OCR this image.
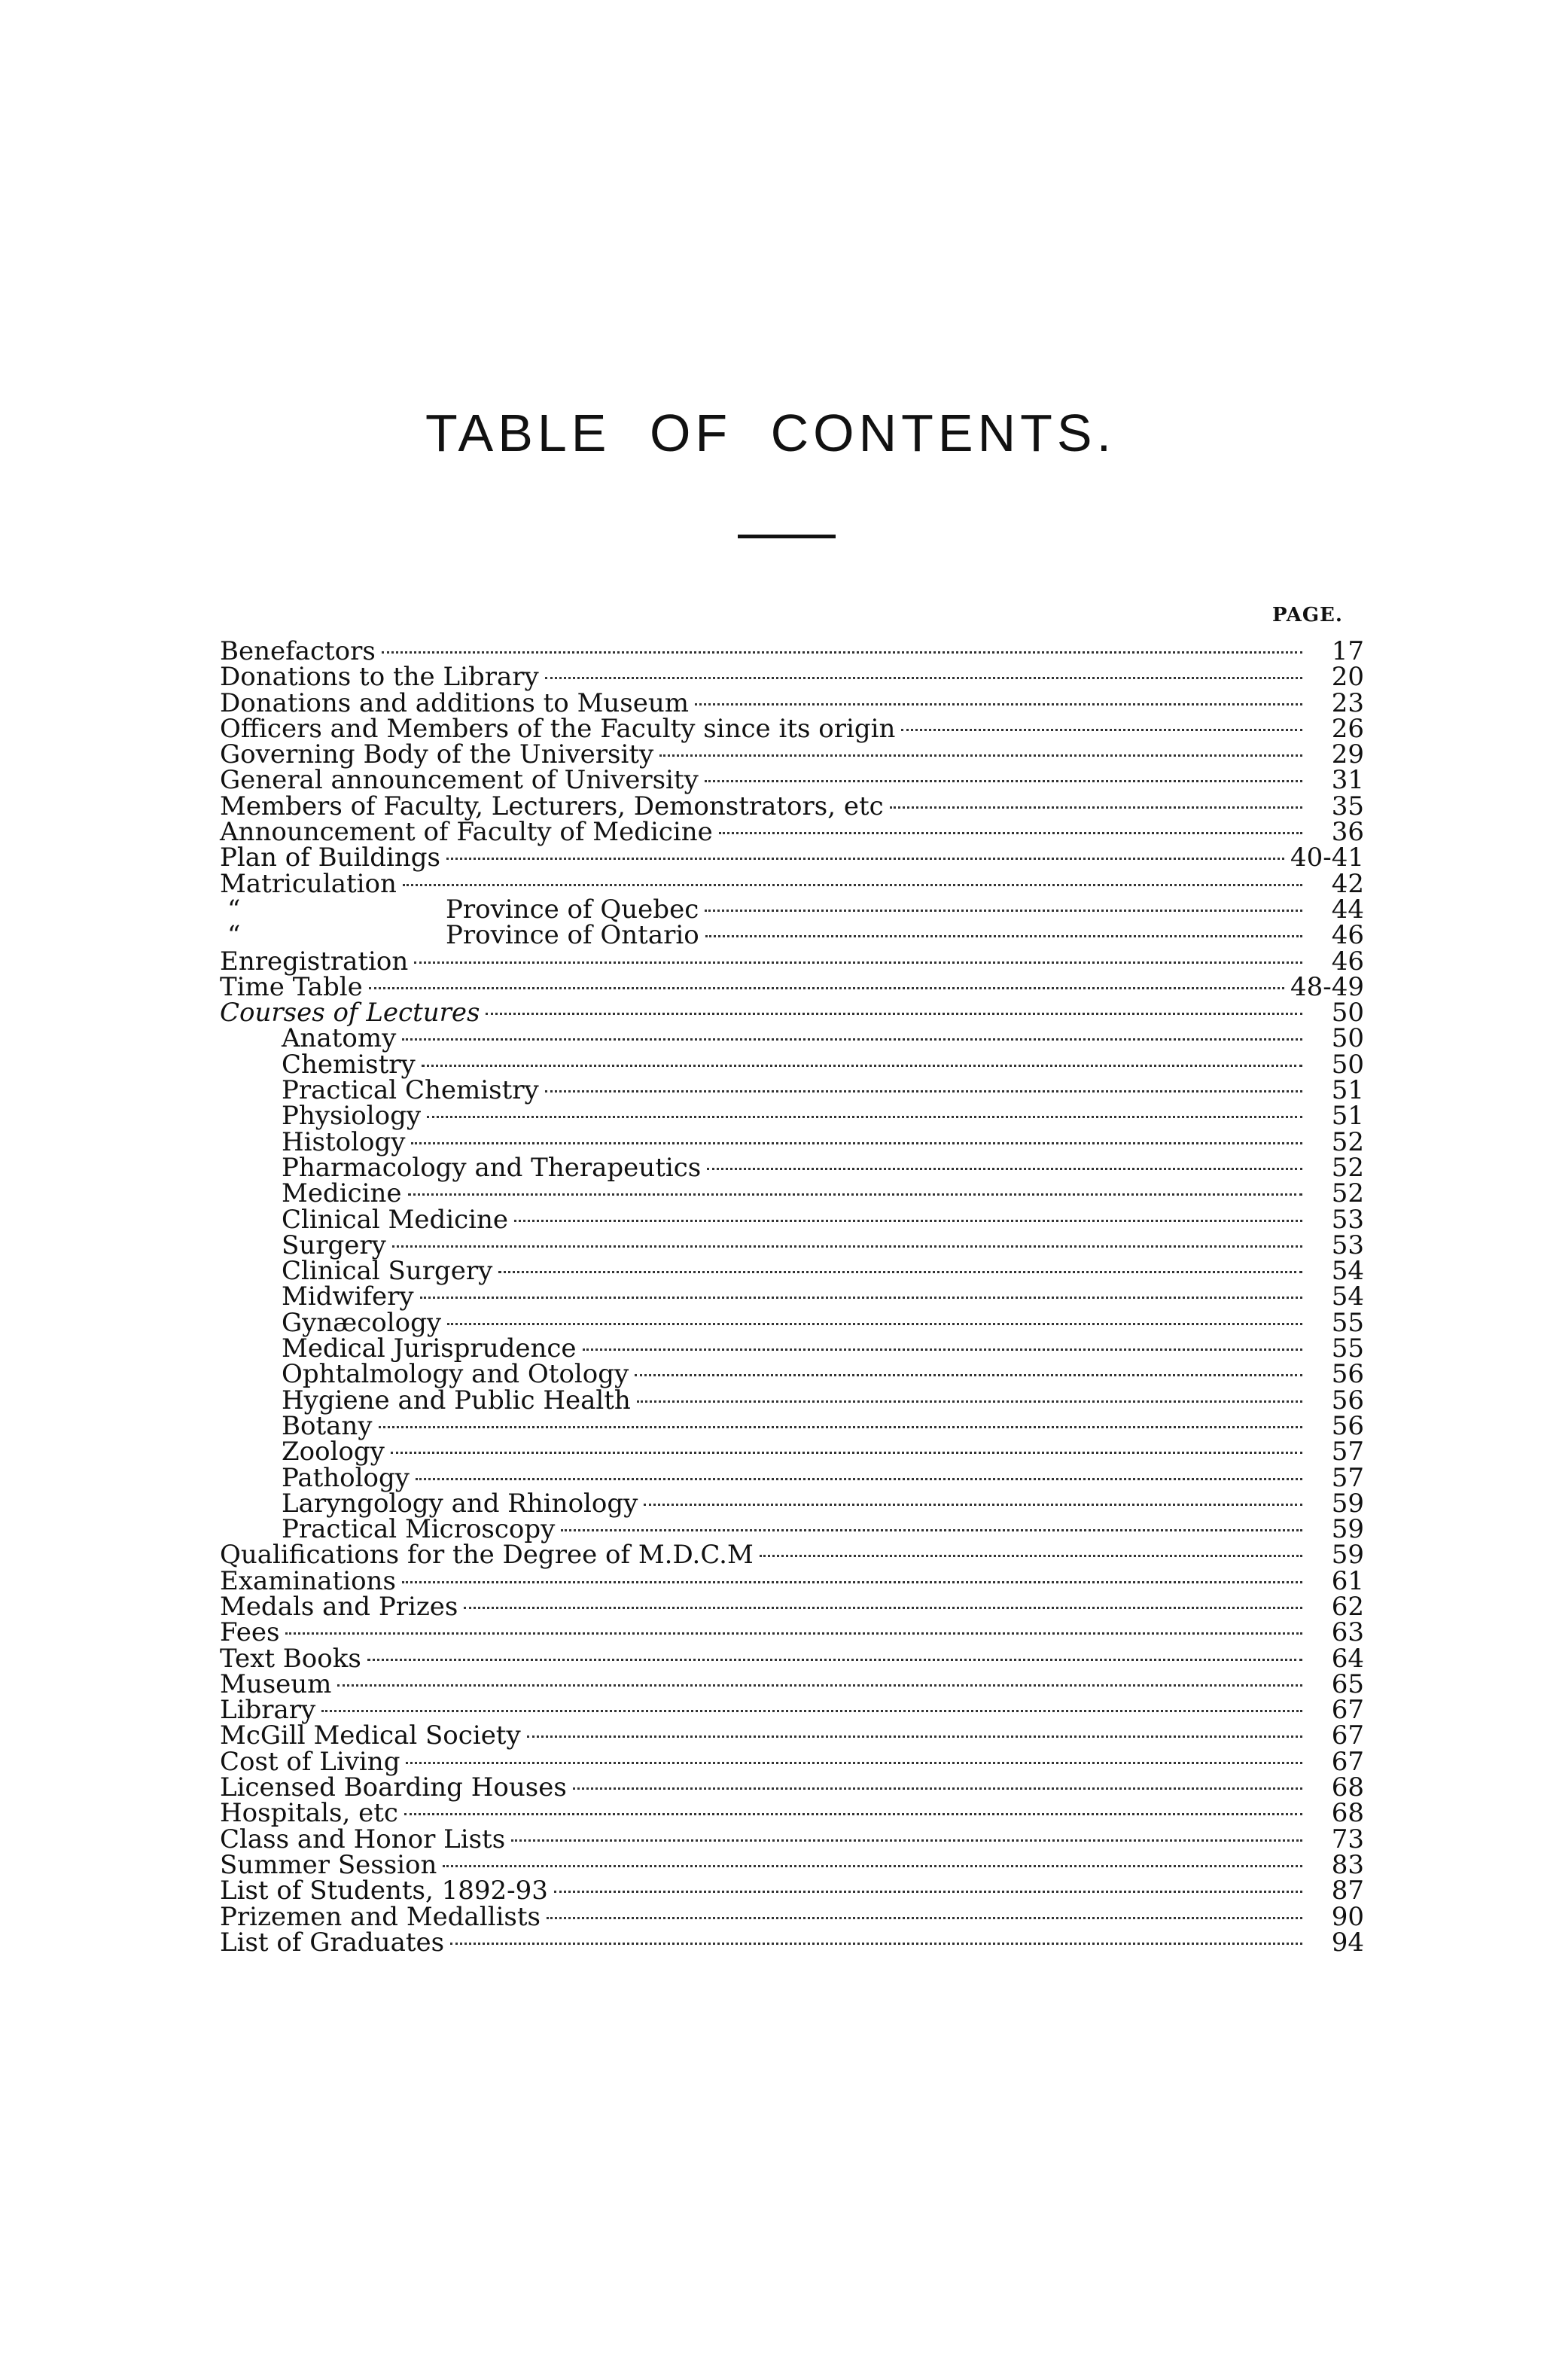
TABLE OF CONTENTS.
PAGE.
Benefactors	17
Donations to the Library	20
Donations and additions to Museum	23
Officers and Members of the Faculty since its origin	26
Governing Body of the University	29
General announcement of University	31
Members of Faculty, Lecturers, Demonstrators, etc	35
Announcement of Faculty of Medicine	36
Plan of Buildings	40-41
Matriculation	42
“	Province of Quebec	44
“	Province of Ontario	46
Enregistration	46
Time Table	48-49
Courses of Lectures	50
Anatomy	50
Chemistry	50
Practical Chemistry	51
Physiology	51
Histology	52
Pharmacology and Therapeutics	52
Medicine	52
Clinical Medicine	53
Surgery	53
Clinical Surgery	54
Midwifery	54
Gynæcology	55
Medical Jurisprudence	55
Ophtalmology and Otology	56
Hygiene and Public Health	56
Botany	56
Zoology	57
Pathology	57
Laryngology and Rhinology	59
Practical Microscopy	59
Qualifications for the Degree of M.D.C.M	59
Examinations	61
Medals and Prizes	62
Fees	63
Text Books	64
Museum	65
Library	67
McGill Medical Society	67
Cost of Living	67
Licensed Boarding Houses	68
Hospitals, etc	68
Class and Honor Lists	73
Summer Session	83
List of Students, 1892-93	87
Prizemen and Medallists	90
List of Graduates	94
